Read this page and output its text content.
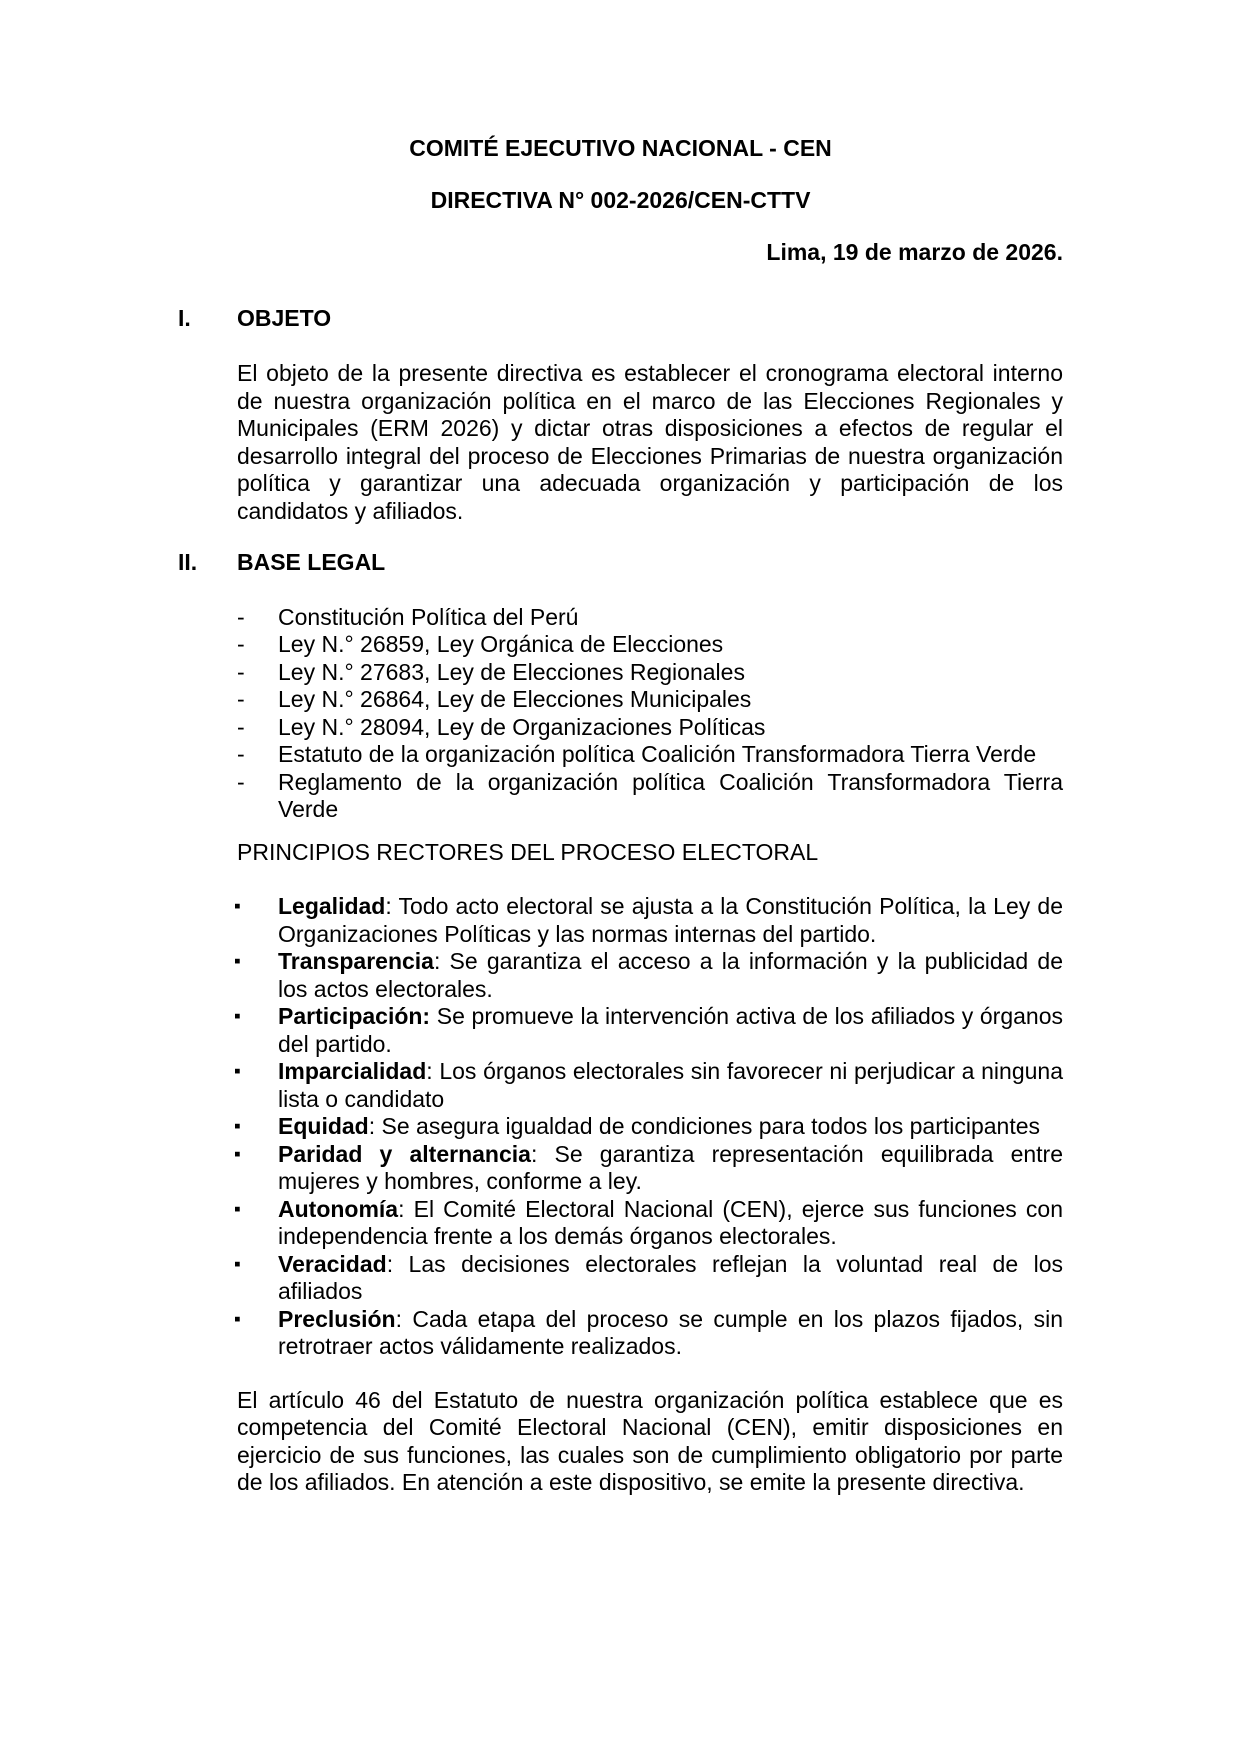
COMITÉ EJECUTIVO NACIONAL - CEN
DIRECTIVA N° 002-2026/CEN-CTTV
Lima, 19 de marzo de 2026.
I.	OBJETO

El objeto de la presente directiva es establecer el cronograma electoral interno de nuestra organización política en el marco de las Elecciones Regionales y Municipales (ERM 2026) y dictar otras disposiciones a efectos de regular el desarrollo integral del proceso de Elecciones Primarias de nuestra organización política y garantizar una adecuada organización y participación de los candidatos y afiliados.

II.	BASE LEGAL
- Constitución Política del Perú
- Ley N.° 26859, Ley Orgánica de Elecciones
- Ley N.° 27683, Ley de Elecciones Regionales
- Ley N.° 26864, Ley de Elecciones Municipales
- Ley N.° 28094, Ley de Organizaciones Políticas
- Estatuto de la organización política Coalición Transformadora Tierra Verde
- Reglamento de la organización política Coalición Transformadora Tierra Verde

PRINCIPIOS RECTORES DEL PROCESO ELECTORAL

▪ Legalidad: Todo acto electoral se ajusta a la Constitución Política, la Ley de Organizaciones Políticas y las normas internas del partido.
▪ Transparencia: Se garantiza el acceso a la información y la publicidad de los actos electorales.
▪ Participación: Se promueve la intervención activa de los afiliados y órganos del partido.
▪ Imparcialidad: Los órganos electorales sin favorecer ni perjudicar a ninguna lista o candidato
▪ Equidad: Se asegura igualdad de condiciones para todos los participantes
▪ Paridad y alternancia: Se garantiza representación equilibrada entre mujeres y hombres, conforme a ley.
▪ Autonomía: El Comité Electoral Nacional (CEN), ejerce sus funciones con independencia frente a los demás órganos electorales.
▪ Veracidad: Las decisiones electorales reflejan la voluntad real de los afiliados
▪ Preclusión: Cada etapa del proceso se cumple en los plazos fijados, sin retrotraer actos válidamente realizados.

El artículo 46 del Estatuto de nuestra organización política establece que es competencia del Comité Electoral Nacional (CEN), emitir disposiciones en ejercicio de sus funciones, las cuales son de cumplimiento obligatorio por parte de los afiliados. En atención a este dispositivo, se emite la presente directiva.
